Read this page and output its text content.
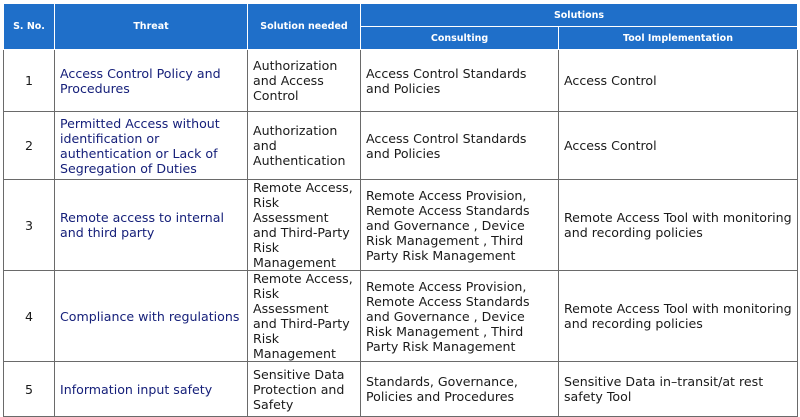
S. No.	Threat	Solution needed	Solutions	
			Consulting	Tool Implementation
1	Access Control Policy and Procedures	Authorization and Access Control	Access Control Standards and Policies	Access Control
2	Permitted Access without identification or authentication or Lack of Segregation of Duties	Authorization and Authentication	Access Control Standards and Policies	Access Control
3	Remote access to internal and third party	Remote Access, Risk Assessment and Third-Party Risk Management	Remote Access Provision, Remote Access Standards and Governance , Device Risk Management , Third Party Risk Management	Remote Access Tool with monitoring and recording policies
4	Compliance with regulations	Remote Access, Risk Assessment and Third-Party Risk Management	Remote Access Provision, Remote Access Standards and Governance , Device Risk Management , Third Party Risk Management	Remote Access Tool with monitoring and recording policies
5	Information input safety	Sensitive Data Protection and Safety	Standards, Governance, Policies and Procedures	Sensitive Data in–transit/at rest safety Tool
